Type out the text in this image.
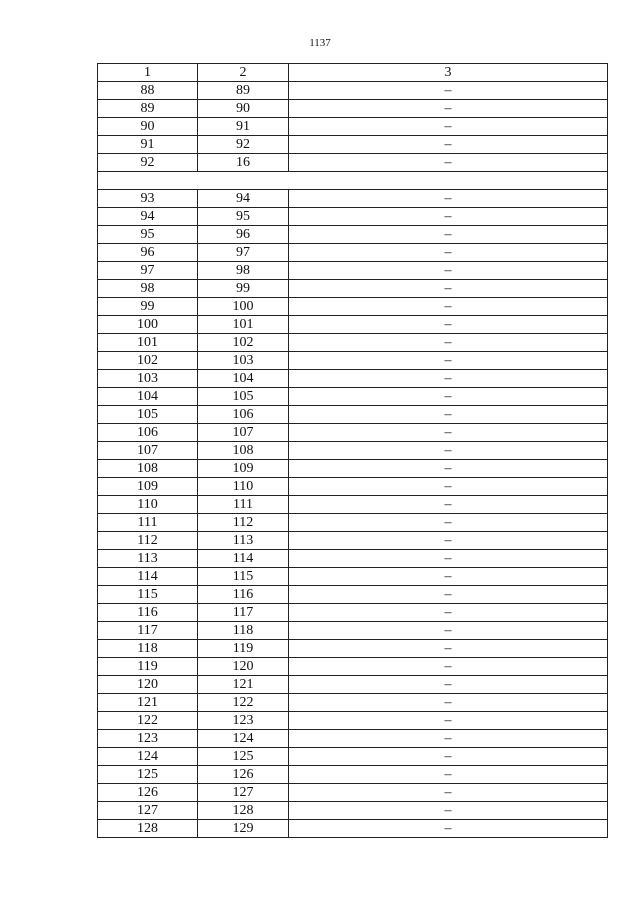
1137
1	2	3
88	89	–
89	90	–
90	91	–
91	92	–
92	16	–

93	94	–
94	95	–
95	96	–
96	97	–
97	98	–
98	99	–
99	100	–
100	101	–
101	102	–
102	103	–
103	104	–
104	105	–
105	106	–
106	107	–
107	108	–
108	109	–
109	110	–
110	111	–
111	112	–
112	113	–
113	114	–
114	115	–
115	116	–
116	117	–
117	118	–
118	119	–
119	120	–
120	121	–
121	122	–
122	123	–
123	124	–
124	125	–
125	126	–
126	127	–
127	128	–
128	129	–
